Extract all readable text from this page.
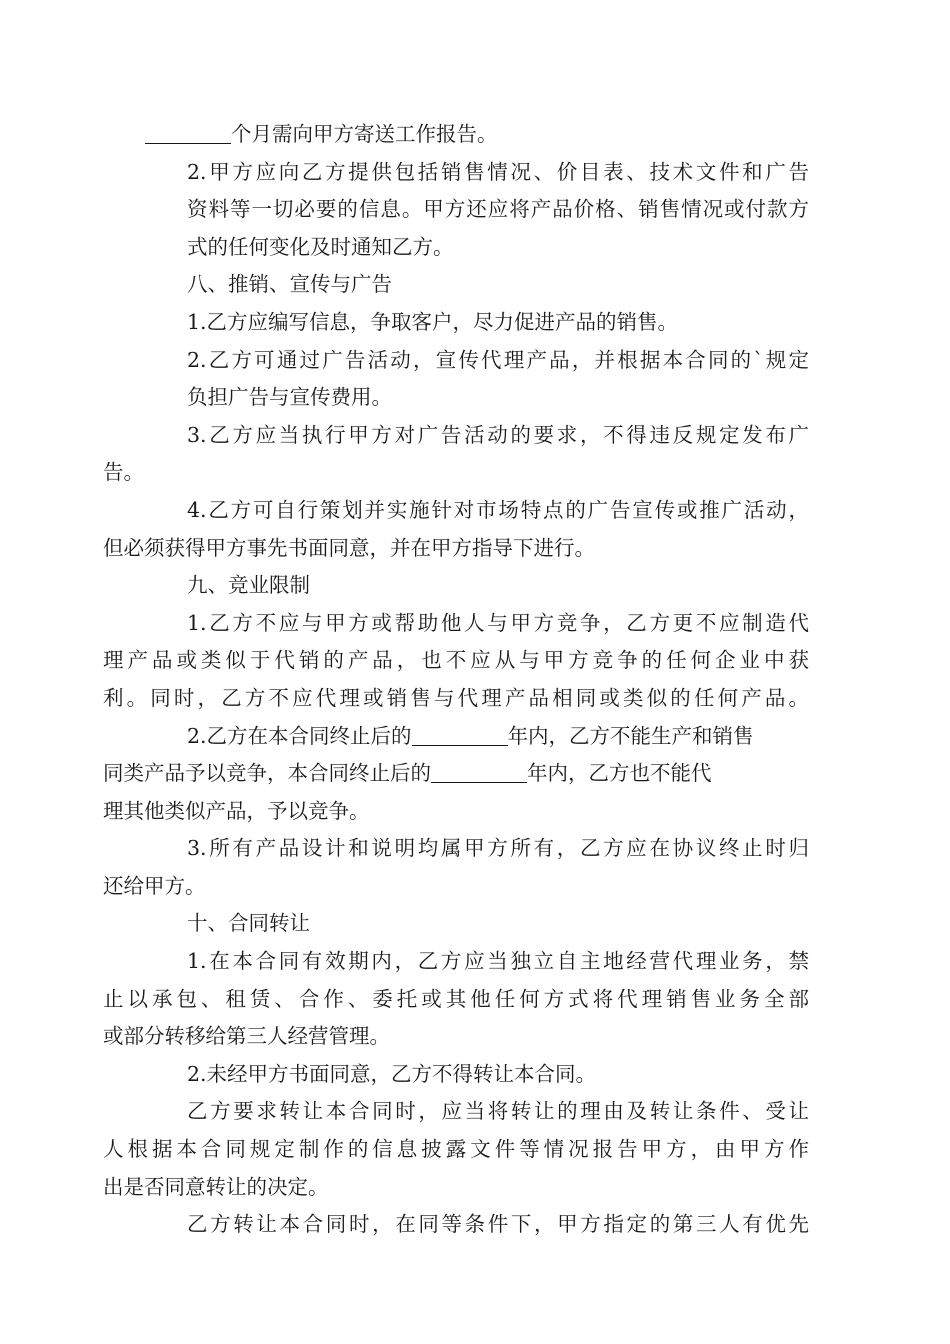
个月需向甲方寄送工作报告。

2.甲方应向乙方提供包括销售情况、价目表、技术文件和广告
资料等一切必要的信息。甲方还应将产品价格、销售情况或付款方
式的任何变化及时通知乙方。

八、推销、宣传与广告

1.乙方应编写信息，争取客户，尽力促进产品的销售。

2.乙方可通过广告活动，宣传代理产品，并根据本合同的`规定
负担广告与宣传费用。

3.乙方应当执行甲方对广告活动的要求，不得违反规定发布广
告。

4.乙方可自行策划并实施针对市场特点的广告宣传或推广活动，
但必须获得甲方事先书面同意，并在甲方指导下进行。

九、竞业限制

1.乙方不应与甲方或帮助他人与甲方竞争，乙方更不应制造代
理产品或类似于代销的产品，也不应从与甲方竞争的任何企业中获
利。同时，乙方不应代理或销售与代理产品相同或类似的任何产品。

2.乙方在本合同终止后的	年内，乙方不能生产和销售
同类产品予以竞争，本合同终止后的	年内，乙方也不能代
理其他类似产品，予以竞争。

3.所有产品设计和说明均属甲方所有，乙方应在协议终止时归
还给甲方。

十、合同转让

1.在本合同有效期内，乙方应当独立自主地经营代理业务，禁
止以承包、租赁、合作、委托或其他任何方式将代理销售业务全部
或部分转移给第三人经营管理。

2.未经甲方书面同意，乙方不得转让本合同。

乙方要求转让本合同时，应当将转让的理由及转让条件、受让
人根据本合同规定制作的信息披露文件等情况报告甲方，由甲方作
出是否同意转让的决定。

乙方转让本合同时，在同等条件下，甲方指定的第三人有优先
